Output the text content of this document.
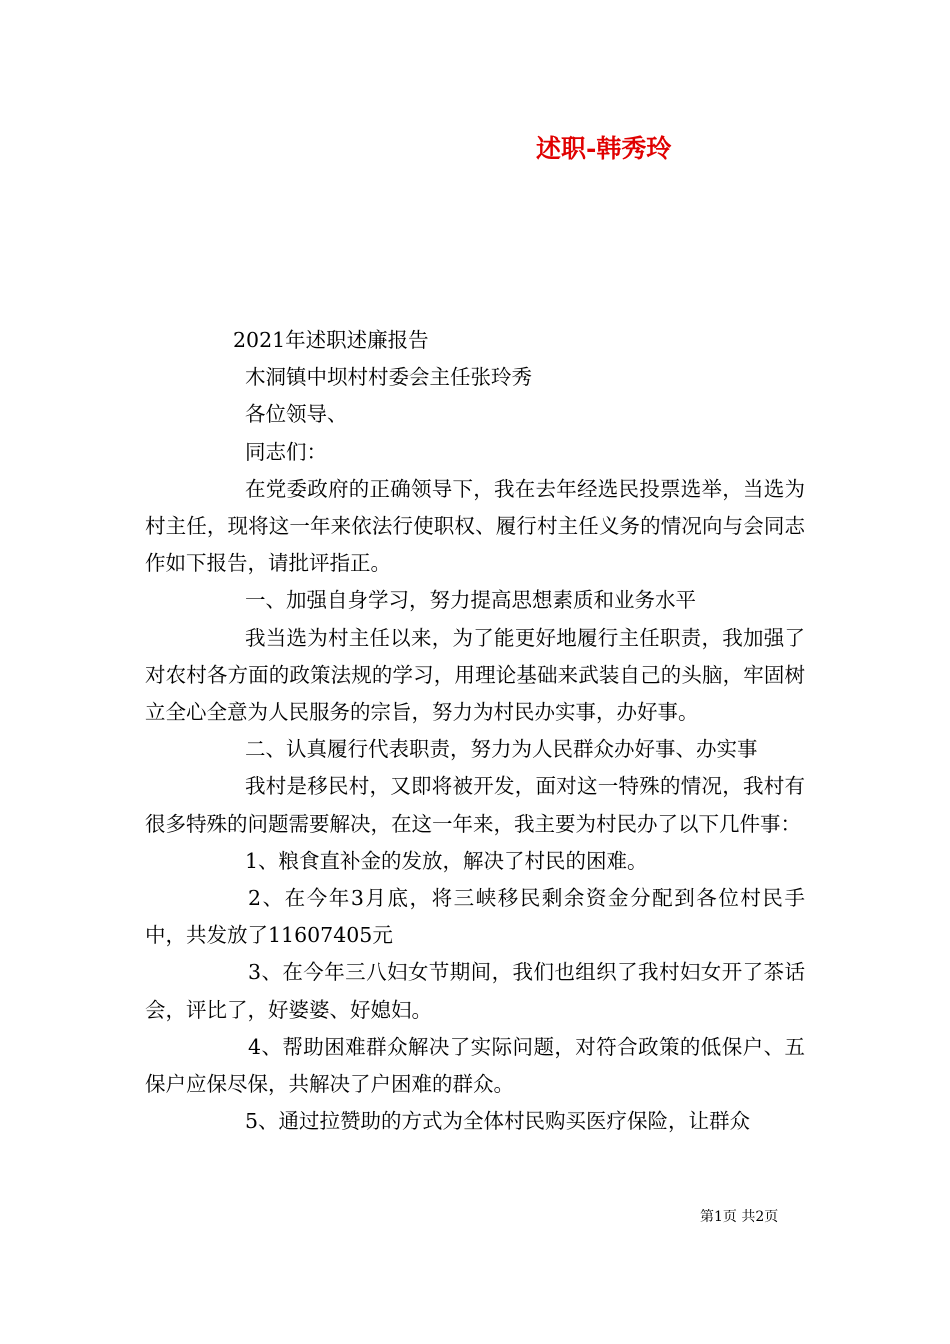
述职-韩秀玲

2021年述职述廉报告

木洞镇中坝村村委会主任张玲秀

各位领导、

同志们：

在党委政府的正确领导下，我在去年经选民投票选举，当选为村主任，现将这一年来依法行使职权、履行村主任义务的情况向与会同志作如下报告，请批评指正。

一、加强自身学习，努力提高思想素质和业务水平

我当选为村主任以来，为了能更好地履行主任职责，我加强了对农村各方面的政策法规的学习，用理论基础来武装自己的头脑，牢固树立全心全意为人民服务的宗旨，努力为村民办实事，办好事。

二、认真履行代表职责，努力为人民群众办好事、办实事

我村是移民村，又即将被开发，面对这一特殊的情况，我村有很多特殊的问题需要解决，在这一年来，我主要为村民办了以下几件事：

1、粮食直补金的发放，解决了村民的困难。

2、在今年3月底，将三峡移民剩余资金分配到各位村民手中，共发放了11607405元

3、在今年三八妇女节期间，我们也组织了我村妇女开了茶话会，评比了，好婆婆、好媳妇。

4、帮助困难群众解决了实际问题，对符合政策的低保户、五保户应保尽保，共解决了户困难的群众。

5、通过拉赞助的方式为全体村民购买医疗保险，让群众

第1页 共2页
